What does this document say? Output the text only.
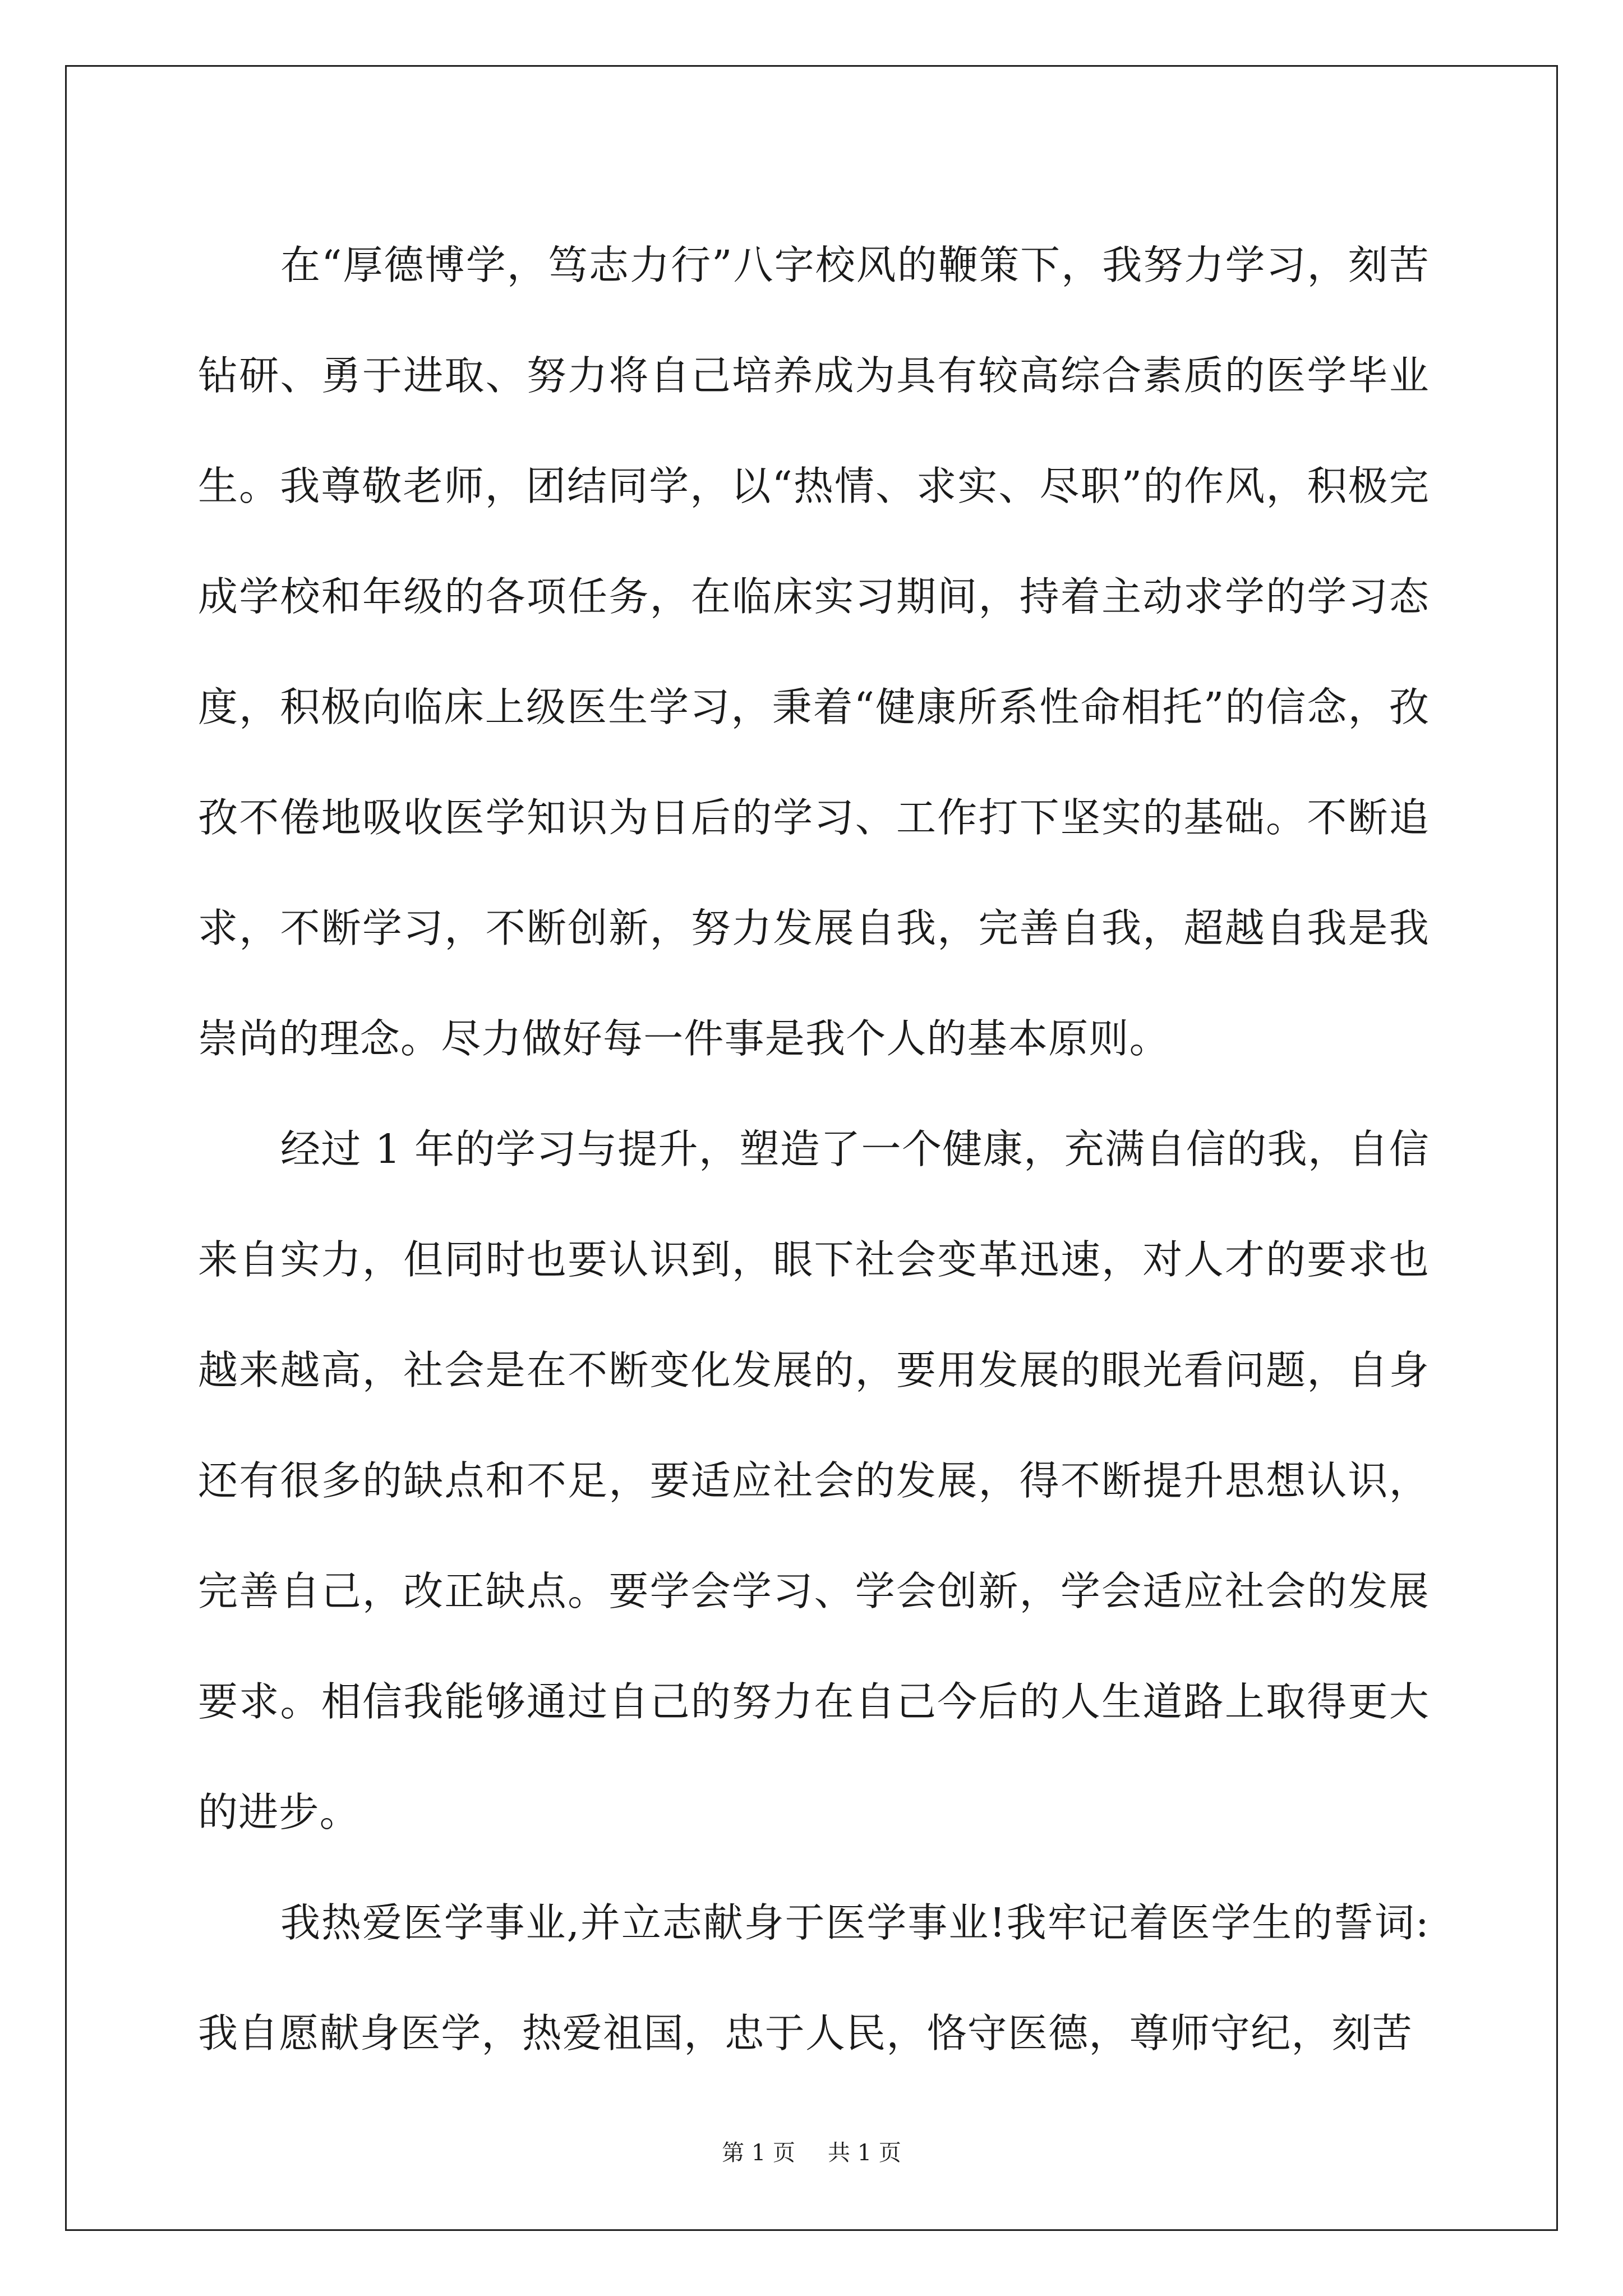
在“厚德博学，笃志力行”八字校风的鞭策下，我努力学习，刻苦钻研、勇于进取、努力将自己培养成为具有较高综合素质的医学毕业生。我尊敬老师，团结同学，以“热情、求实、尽职”的作风，积极完成学校和年级的各项任务，在临床实习期间，持着主动求学的学习态度，积极向临床上级医生学习，秉着“健康所系性命相托”的信念，孜孜不倦地吸收医学知识为日后的学习、工作打下坚实的基础。不断追求，不断学习，不断创新，努力发展自我，完善自我，超越自我是我崇尚的理念。尽力做好每一件事是我个人的基本原则。

经过 1 年的学习与提升，塑造了一个健康，充满自信的我，自信来自实力，但同时也要认识到，眼下社会变革迅速，对人才的要求也越来越高，社会是在不断变化发展的，要用发展的眼光看问题，自身还有很多的缺点和不足，要适应社会的发展，得不断提升思想认识，完善自己，改正缺点。要学会学习、学会创新，学会适应社会的发展要求。相信我能够通过自己的努力在自己今后的人生道路上取得更大的进步。

我热爱医学事业,并立志献身于医学事业!我牢记着医学生的誓词:我自愿献身医学，热爱祖国，忠于人民，恪守医德，尊师守纪，刻苦

第 1 页 共 1 页
